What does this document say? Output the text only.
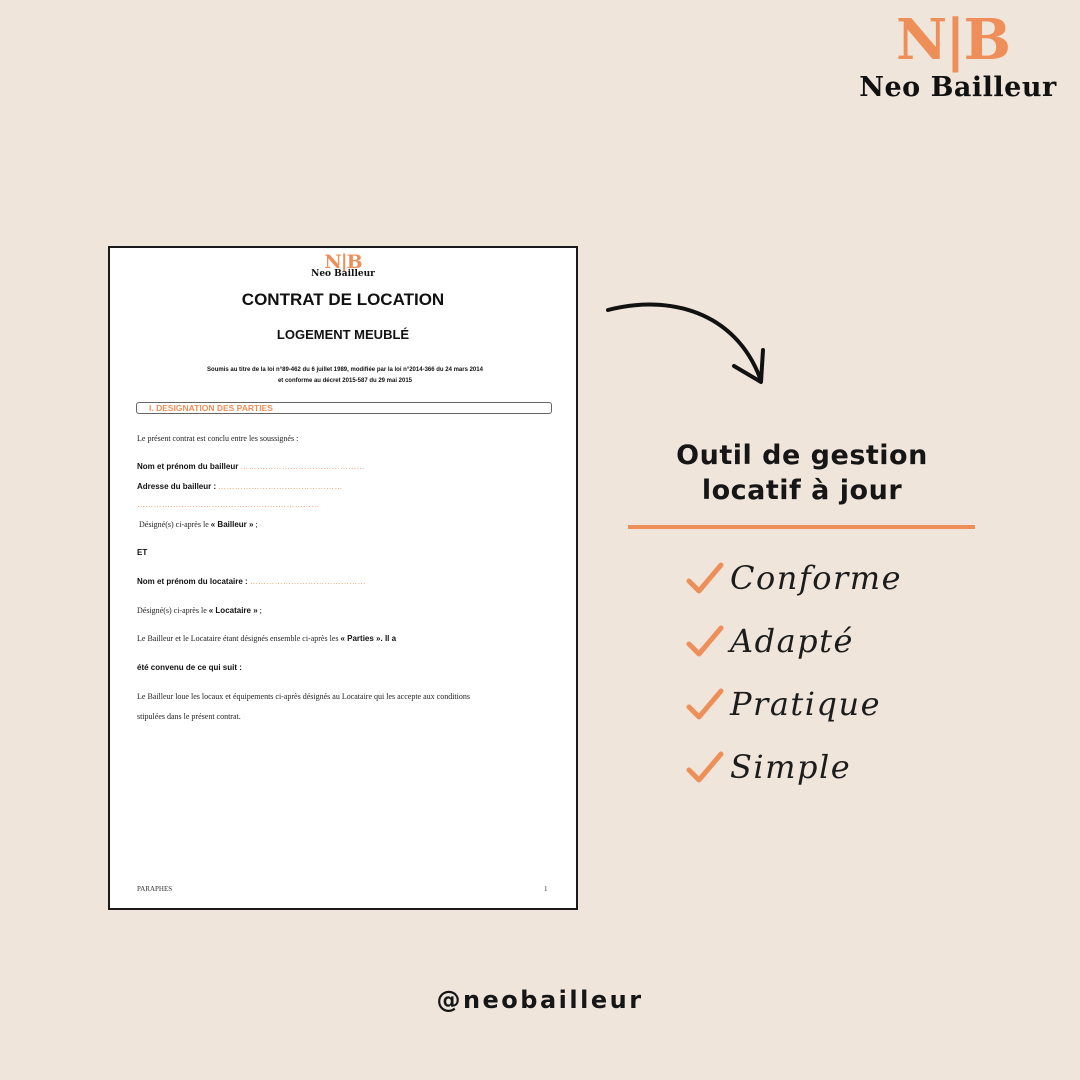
N|B
Neo Bailleur
N|B
Neo Bailleur
CONTRAT DE LOCATION
LOGEMENT MEUBLÉ
Soumis au titre de la loi n°89-462 du 6 juillet 1989, modifiée par la loi n°2014-366 du 24 mars 2014
et conforme au décret 2015-587 du 29 mai 2015
I. DESIGNATION DES PARTIES
Le présent contrat est conclu entre les soussignés :
Nom et prénom du bailleur ………………………………………
Adresse du bailleur : ………………………………………
…………………………………………………………
Désigné(s) ci-après le « Bailleur » ;
ET
Nom et prénom du locataire : ……………………………………
Désigné(s) ci-après le « Locataire » ;
Le Bailleur et le Locataire étant désignés ensemble ci-après les « Parties ». Il a
été convenu de ce qui suit :
Le Bailleur loue les locaux et équipements ci-après désignés au Locataire qui les accepte aux conditions
stipulées dans le présent contrat.
PARAPHES	1
Outil de gestion
locatif à jour
Conforme
Adapté
Pratique
Simple
@neobailleur
